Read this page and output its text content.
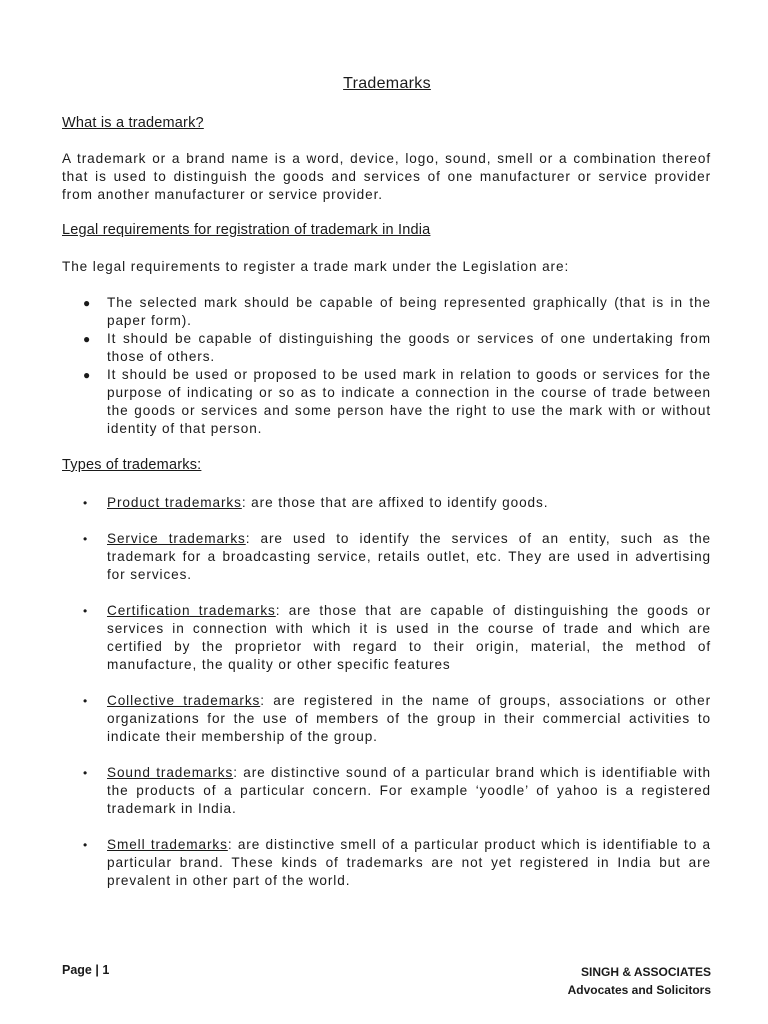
Trademarks
What is a trademark?

A trademark or a brand name is a word, device, logo, sound, smell or a combination thereof that is used to distinguish the goods and services of one manufacturer or service provider from another manufacturer or service provider.

Legal requirements for registration of trademark in India

The legal requirements to register a trade mark under the Legislation are:

● The selected mark should be capable of being represented graphically (that is in the paper form).
● It should be capable of distinguishing the goods or services of one undertaking from those of others.
● It should be used or proposed to be used mark in relation to goods or services for the purpose of indicating or so as to indicate a connection in the course of trade between the goods or services and some person have the right to use the mark with or without identity of that person.
Types of trademarks:
• Product trademarks: are those that are affixed to identify goods.
• Service trademarks: are used to identify the services of an entity, such as the trademark for a broadcasting service, retails outlet, etc. They are used in advertising for services.
• Certification trademarks: are those that are capable of distinguishing the goods or services in connection with which it is used in the course of trade and which are certified by the proprietor with regard to their origin, material, the method of manufacture, the quality or other specific features
• Collective trademarks: are registered in the name of groups, associations or other organizations for the use of members of the group in their commercial activities to indicate their membership of the group.
• Sound trademarks: are distinctive sound of a particular brand which is identifiable with the products of a particular concern. For example ‘yoodle’ of yahoo is a registered trademark in India.
• Smell trademarks: are distinctive smell of a particular product which is identifiable to a particular brand. These kinds of trademarks are not yet registered in India but are prevalent in other part of the world.
Page | 1	SINGH & ASSOCIATES
Advocates and Solicitors
